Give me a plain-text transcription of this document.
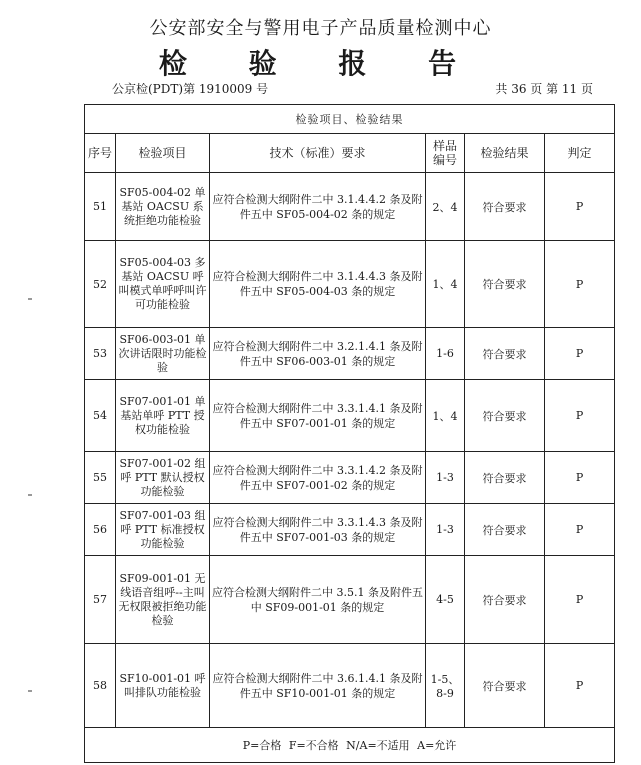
公安部安全与警用电子产品质量检测中心
检 验 报 告
公京检(PDT)第 1910009 号	共 36 页 第 11 页
检验项目、检验结果					
序号	检验项目	技术（标准）要求	样品编号	检验结果	判定
51	SF05-004-02 单基站 OACSU 系统拒绝功能检验	应符合检测大纲附件二中 3.1.4.4.2 条及附件五中 SF05-004-02 条的规定	2、4	符合要求	P
52	SF05-004-03 多基站 OACSU 呼叫模式单呼呼叫许可功能检验	应符合检测大纲附件二中 3.1.4.4.3 条及附件五中 SF05-004-03 条的规定	1、4	符合要求	P
53	SF06-003-01 单次讲话限时功能检验	应符合检测大纲附件二中 3.2.1.4.1 条及附件五中 SF06-003-01 条的规定	1-6	符合要求	P
54	SF07-001-01 单基站单呼 PTT 授权功能检验	应符合检测大纲附件二中 3.3.1.4.1 条及附件五中 SF07-001-01 条的规定	1、4	符合要求	P
55	SF07-001-02 组呼 PTT 默认授权功能检验	应符合检测大纲附件二中 3.3.1.4.2 条及附件五中 SF07-001-02 条的规定	1-3	符合要求	P
56	SF07-001-03 组呼 PTT 标准授权功能检验	应符合检测大纲附件二中 3.3.1.4.3 条及附件五中 SF07-001-03 条的规定	1-3	符合要求	P
57	SF09-001-01 无线语音组呼--主叫无权限被拒绝功能检验	应符合检测大纲附件二中 3.5.1 条及附件五中 SF09-001-01 条的规定	4-5	符合要求	P
58	SF10-001-01 呼叫排队功能检验	应符合检测大纲附件二中 3.6.1.4.1 条及附件五中 SF10-001-01 条的规定	1-5、8-9	符合要求	P
P=合格 F=不合格 N/A=不适用 A=允许					
